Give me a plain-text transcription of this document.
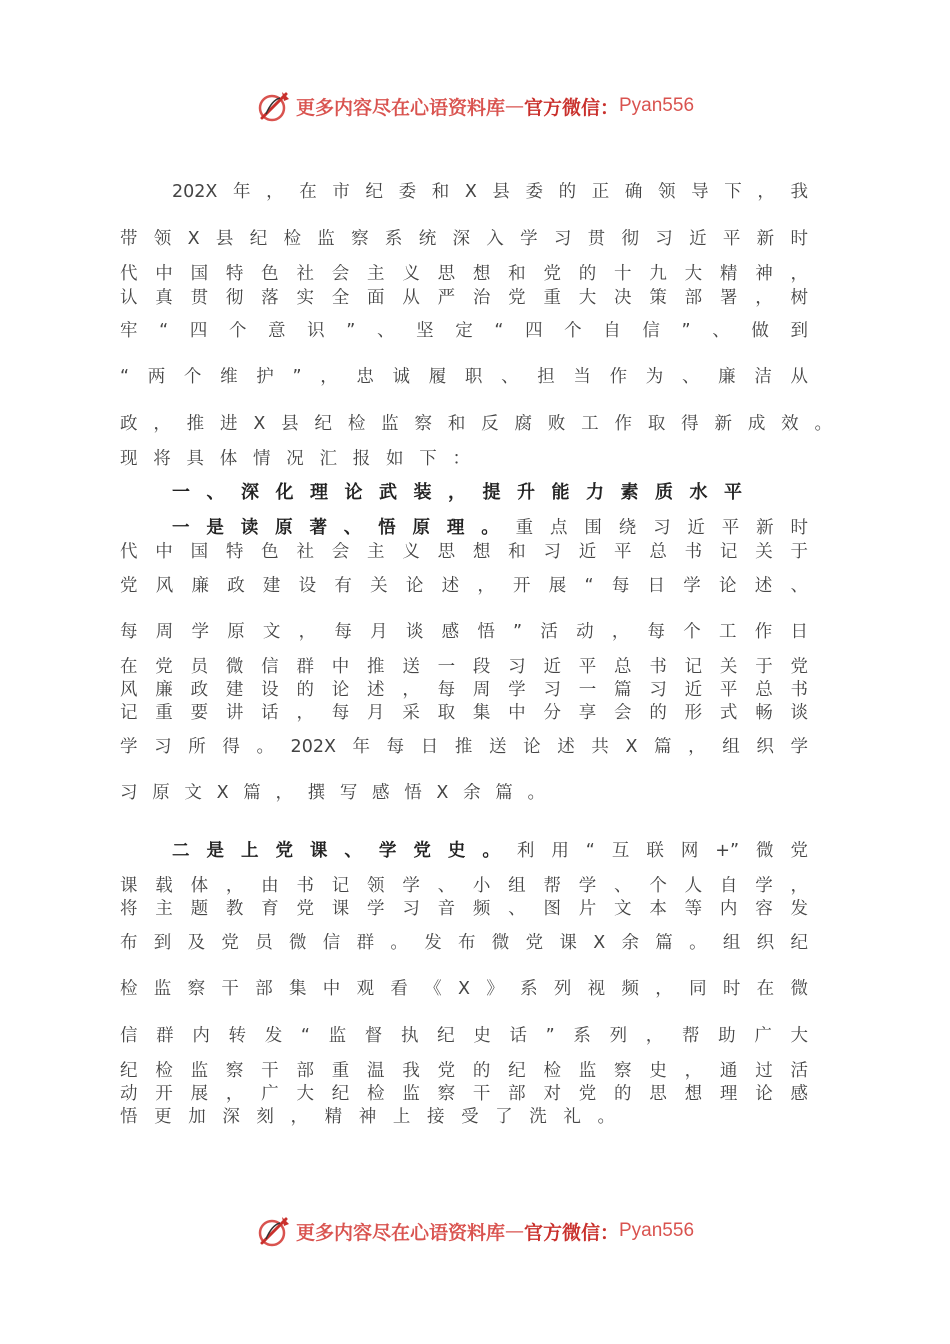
更多内容尽在心语资料库 — 官方微信： Pyan556
202X年，在市纪委和X县委的正确领导下，我
带领X县纪检监察系统深入学习贯彻习近平新时
代中国特色社会主义思想和党的十九大精神，
认真贯彻落实全面从严治党重大决策部署，树
牢“四个意识”、坚定“四个自信”、做到
“两个维护”，忠诚履职、担当作为、廉洁从
政，推进X县纪检监察和反腐败工作取得新成效。
现将具体情况汇报如下：
一、深化理论武装，提升能力素质水平
一是读原著、悟原理。重点围绕习近平新时
代中国特色社会主义思想和习近平总书记关于
党风廉政建设有关论述，开展“每日学论述、
每周学原文，每月谈感悟”活动，每个工作日
在党员微信群中推送一段习近平总书记关于党
风廉政建设的论述，每周学习一篇习近平总书
记重要讲话，每月采取集中分享会的形式畅谈
学习所得。202X年每日推送论述共X篇，组织学
习原文X篇，撰写感悟X余篇。
二是上党课、学党史。利用“互联网+”微党
课载体，由书记领学、小组帮学、个人自学，
将主题教育党课学习音频、图片文本等内容发
布到及党员微信群。发布微党课X余篇。组织纪
检监察干部集中观看《X》系列视频，同时在微
信群内转发“监督执纪史话”系列，帮助广大
纪检监察干部重温我党的纪检监察史，通过活
动开展，广大纪检监察干部对党的思想理论感
悟更加深刻，精神上接受了洗礼。
更多内容尽在心语资料库 — 官方微信： Pyan556
